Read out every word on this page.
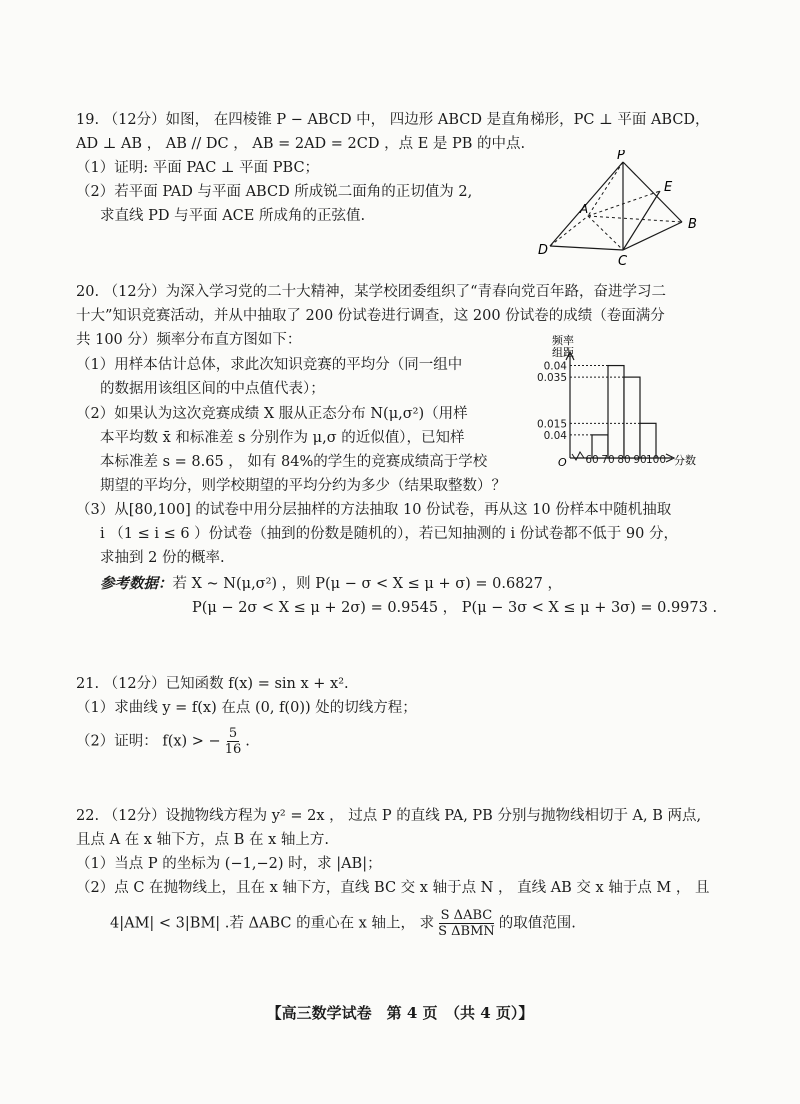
19. （12分）如图， 在四棱锥 P − ABCD 中， 四边形 ABCD 是直角梯形，PC ⊥ 平面 ABCD，
AD ⊥ AB ， AB // DC ， AB = 2AD = 2CD ，点 E 是 PB 的中点.
（1）证明: 平面 PAC ⊥ 平面 PBC；
（2）若平面 PAD 与平面 ABCD 所成锐二面角的正切值为 2,
求直线 PD 与平面 ACE 所成角的正弦值.
P
E
A
B
C
D
20. （12分）为深入学习党的二十大精神，某学校团委组织了“青春向党百年路，奋进学习二
十大”知识竞赛活动，并从中抽取了 200 份试卷进行调查，这 200 份试卷的成绩（卷面满分
共 100 分）频率分布直方图如下：
（1）用样本估计总体，求此次知识竞赛的平均分（同一组中
的数据用该组区间的中点值代表）；
（2）如果认为这次竞赛成绩 X 服从正态分布 N(μ,σ²)（用样
本平均数 x̄ 和标准差 s 分别作为 μ,σ 的近似值），已知样
本标准差 s = 8.65 ， 如有 84%的学生的竞赛成绩高于学校
期望的平均分，则学校期望的平均分约为多少（结果取整数）？
（3）从[80,100] 的试卷中用分层抽样的方法抽取 10 份试卷，再从这 10 份样本中随机抽取
i （1 ≤ i ≤ 6 ）份试卷（抽到的份数是随机的），若已知抽测的 i 份试卷都不低于 90 分，
求抽到 2 份的概率.
参考数据：若 X ~ N(μ,σ²) ，则 P(μ − σ < X ≤ μ + σ) = 0.6827 ，
P(μ − 2σ < X ≤ μ + 2σ) = 0.9545 ， P(μ − 3σ < X ≤ μ + 3σ) = 0.9973 .
频率
组距
分数
O
0.04
0.035
0.015
0.04
60 70 80 90 100
21. （12分）已知函数 f(x) = sin x + x².
（1）求曲线 y = f(x) 在点 (0, f(0)) 处的切线方程；
（2）证明： f(x) > − $\frac{5}{16}$ .
22. （12分）设抛物线方程为 y² = 2x ， 过点 P 的直线 PA, PB 分别与抛物线相切于 A, B 两点,
且点 A 在 x 轴下方，点 B 在 x 轴上方.
（1）当点 P 的坐标为 (−1,−2) 时，求 |AB|；
（2）点 C 在抛物线上，且在 x 轴下方，直线 BC 交 x 轴于点 N ， 直线 AB 交 x 轴于点 M ， 且
4|AM| < 3|BM| .若 ΔABC 的重心在 x 轴上， 求 $\frac{\text{S ΔABC}}{\text{S ΔBMN}}$ 的取值范围.
【高三数学试卷　第 4 页　（共 4 页）】
